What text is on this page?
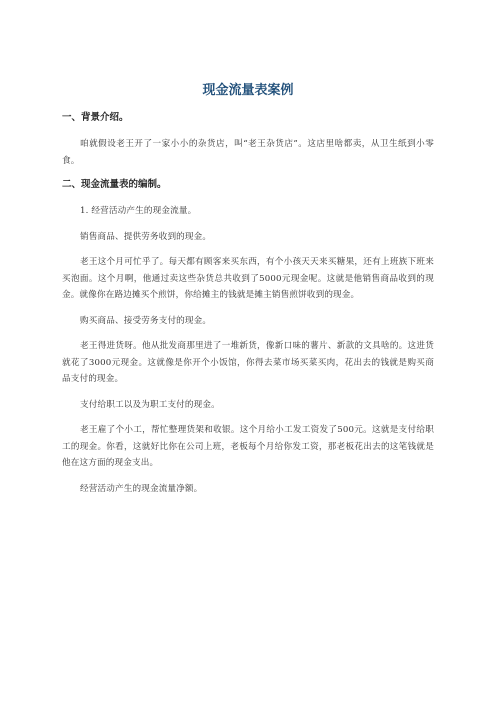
现金流量表案例
一、背景介绍。
咱就假设老王开了一家小小的杂货店，叫“老王杂货店”。这店里啥都卖，从卫生纸到小零食。
二、现金流量表的编制。
1. 经营活动产生的现金流量。
销售商品、提供劳务收到的现金。
老王这个月可忙乎了。每天都有顾客来买东西，有个小孩天天来买糖果，还有上班族下班来买泡面。这个月啊，他通过卖这些杂货总共收到了5000元现金呢。这就是他销售商品收到的现金。就像你在路边摊买个煎饼，你给摊主的钱就是摊主销售煎饼收到的现金。
购买商品、接受劳务支付的现金。
老王得进货呀。他从批发商那里进了一堆新货，像新口味的薯片、新款的文具啥的。这进货就花了3000元现金。这就像是你开个小饭馆，你得去菜市场买菜买肉，花出去的钱就是购买商品支付的现金。
支付给职工以及为职工支付的现金。
老王雇了个小工，帮忙整理货架和收银。这个月给小工发工资发了500元。这就是支付给职工的现金。你看，这就好比你在公司上班，老板每个月给你发工资，那老板花出去的这笔钱就是他在这方面的现金支出。
经营活动产生的现金流量净额。
